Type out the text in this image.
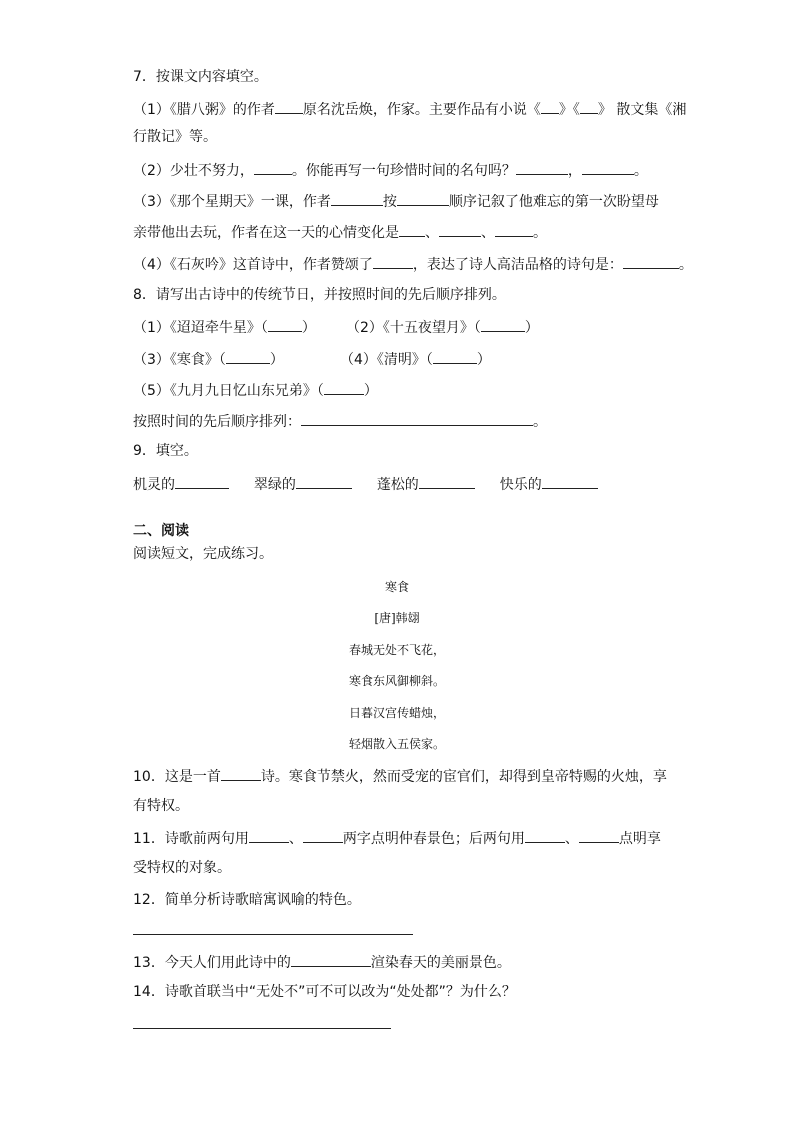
7．按课文内容填空。
（1）《腊八粥》的作者 原名沈岳焕，作家。主要作品有小说《 》《 》 散文集《湘
行散记》等。
（2）少壮不努力，	。你能再写一句珍惜时间的名句吗？	，	。
（3）《那个星期天》一课，作者	按	顺序记叙了他难忘的第一次盼望母
亲带他出去玩，作者在这一天的心情变化是 、	、	。
（4）《石灰吟》这首诗中，作者赞颂了	，表达了诗人高洁品格的诗句是：	。
8．请写出古诗中的传统节日，并按照时间的先后顺序排列。
（1）《迢迢牵牛星》（ ） （2）《十五夜望月》（	）
（3）《寒食》（	）	（4）《清明》（	）
（5）《九月九日忆山东兄弟》（	）
按照时间的先后顺序排列：	。
9．填空。
机灵的	翠绿的	蓬松的	快乐的
二、阅读
阅读短文，完成练习。
寒食
[唐]韩翃
春城无处不飞花，
寒食东风御柳斜。
日暮汉宫传蜡烛，
轻烟散入五侯家。
10．这是一首	诗。寒食节禁火，然而受宠的宦官们，却得到皇帝特赐的火烛，享
有特权。
11．诗歌前两句用	、	两字点明仲春景色；后两句用	、	点明享
受特权的对象。
12．简单分析诗歌暗寓讽喻的特色。
13．今天人们用此诗中的	渲染春天的美丽景色。
14．诗歌首联当中“无处不”可不可以改为“处处都”？为什么？
